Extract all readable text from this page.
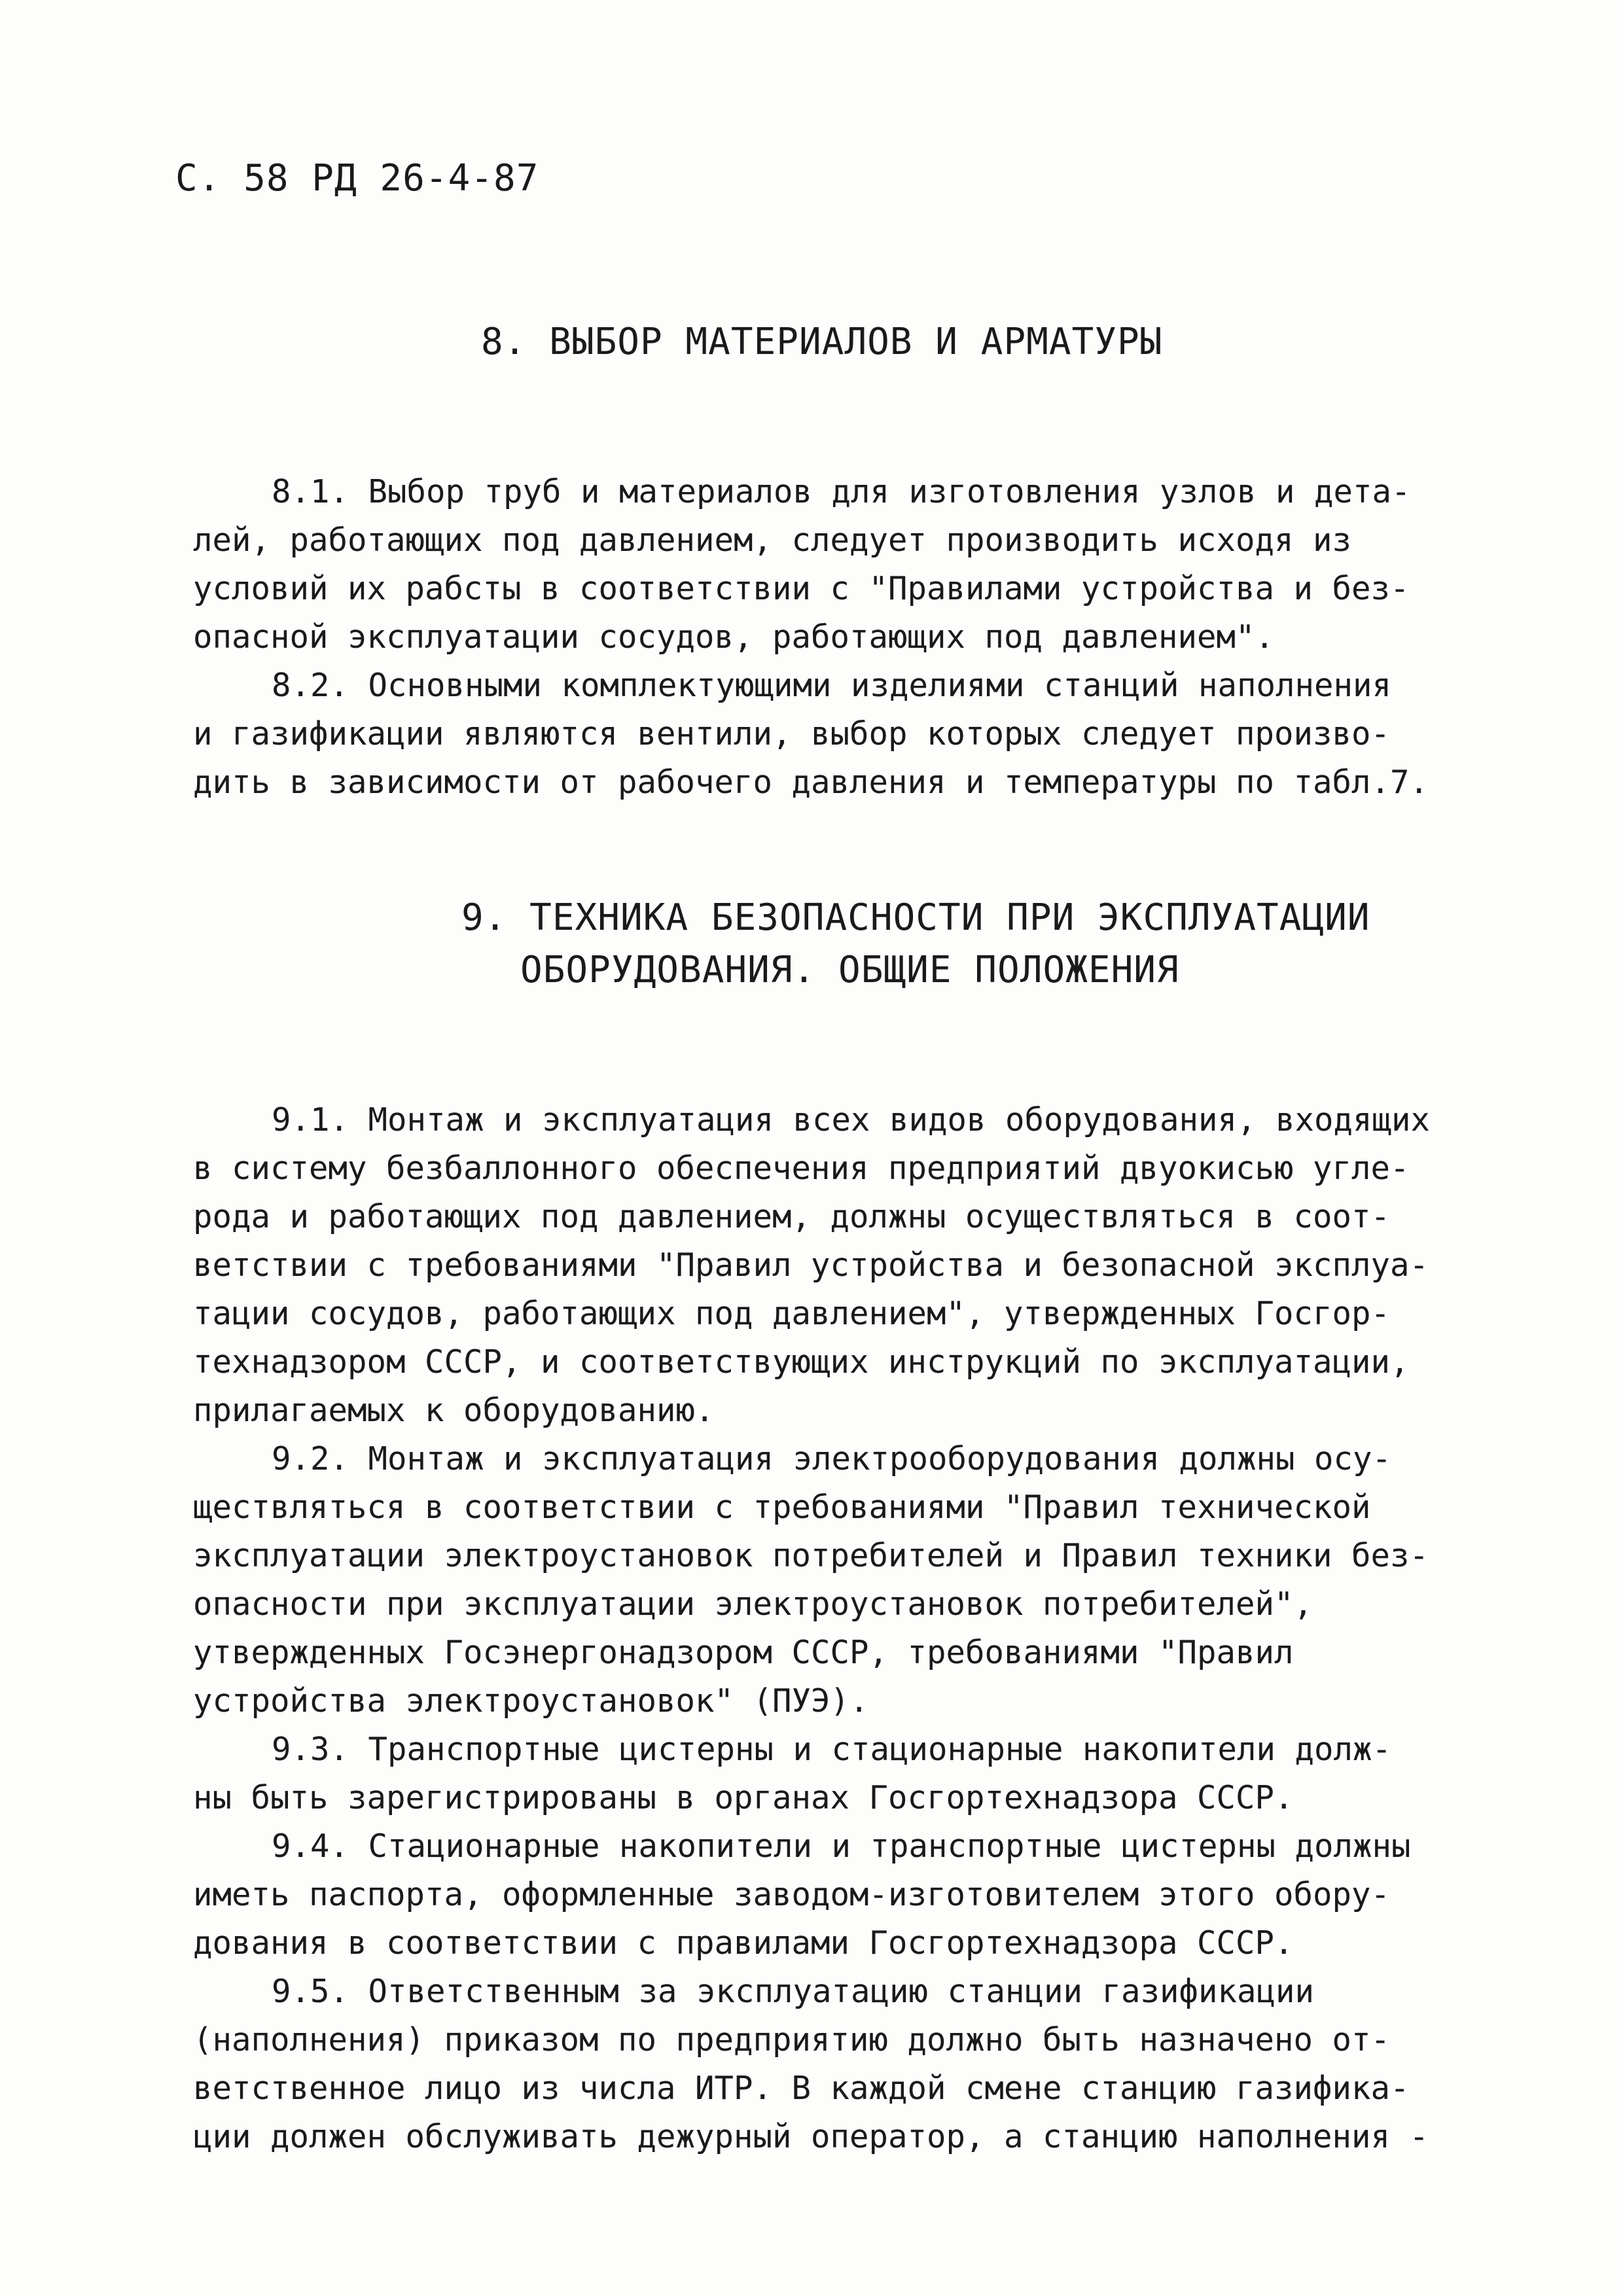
С. 58 РД 26-4-87
8. ВЫБОР МАТЕРИАЛОВ И АРМАТУРЫ
8.1. Выбор труб и материалов для изготовления узлов и дета-
лей, работающих под давлением, следует производить исходя из
условий их рабсты в соответствии с "Правилами устройства и без-
опасной эксплуатации сосудов, работающих под давлением".
8.2. Основными комплектующими изделиями станций наполнения
и газификации являются вентили, выбор которых следует произво-
дить в зависимости от рабочего давления и температуры по табл.7.
9. ТЕХНИКА БЕЗОПАСНОСТИ ПРИ ЭКСПЛУАТАЦИИ
ОБОРУДОВАНИЯ. ОБЩИЕ ПОЛОЖЕНИЯ
9.1. Монтаж и эксплуатация всех видов оборудования, входящих
в систему безбаллонного обеспечения предприятий двуокисью угле-
рода и работающих под давлением, должны осуществляться в соот-
ветствии с требованиями "Правил устройства и безопасной эксплуа-
тации сосудов, работающих под давлением", утвержденных Госгор-
технадзором СССР, и соответствующих инструкций по эксплуатации,
прилагаемых к оборудованию.
9.2. Монтаж и эксплуатация электрооборудования должны осу-
ществляться в соответствии с требованиями "Правил технической
эксплуатации электроустановок потребителей и Правил техники без-
опасности при эксплуатации электроустановок потребителей",
утвержденных Госэнергонадзором СССР, требованиями "Правил
устройства электроустановок" (ПУЭ).
9.3. Транспортные цистерны и стационарные накопители долж-
ны быть зарегистрированы в органах Госгортехнадзора СССР.
9.4. Стационарные накопители и транспортные цистерны должны
иметь паспорта, оформленные заводом-изготовителем этого обору-
дования в соответствии с правилами Госгортехнадзора СССР.
9.5. Ответственным за эксплуатацию станции газификации
(наполнения) приказом по предприятию должно быть назначено от-
ветственное лицо из числа ИТР. В каждой смене станцию газифика-
ции должен обслуживать дежурный оператор, а станцию наполнения -
